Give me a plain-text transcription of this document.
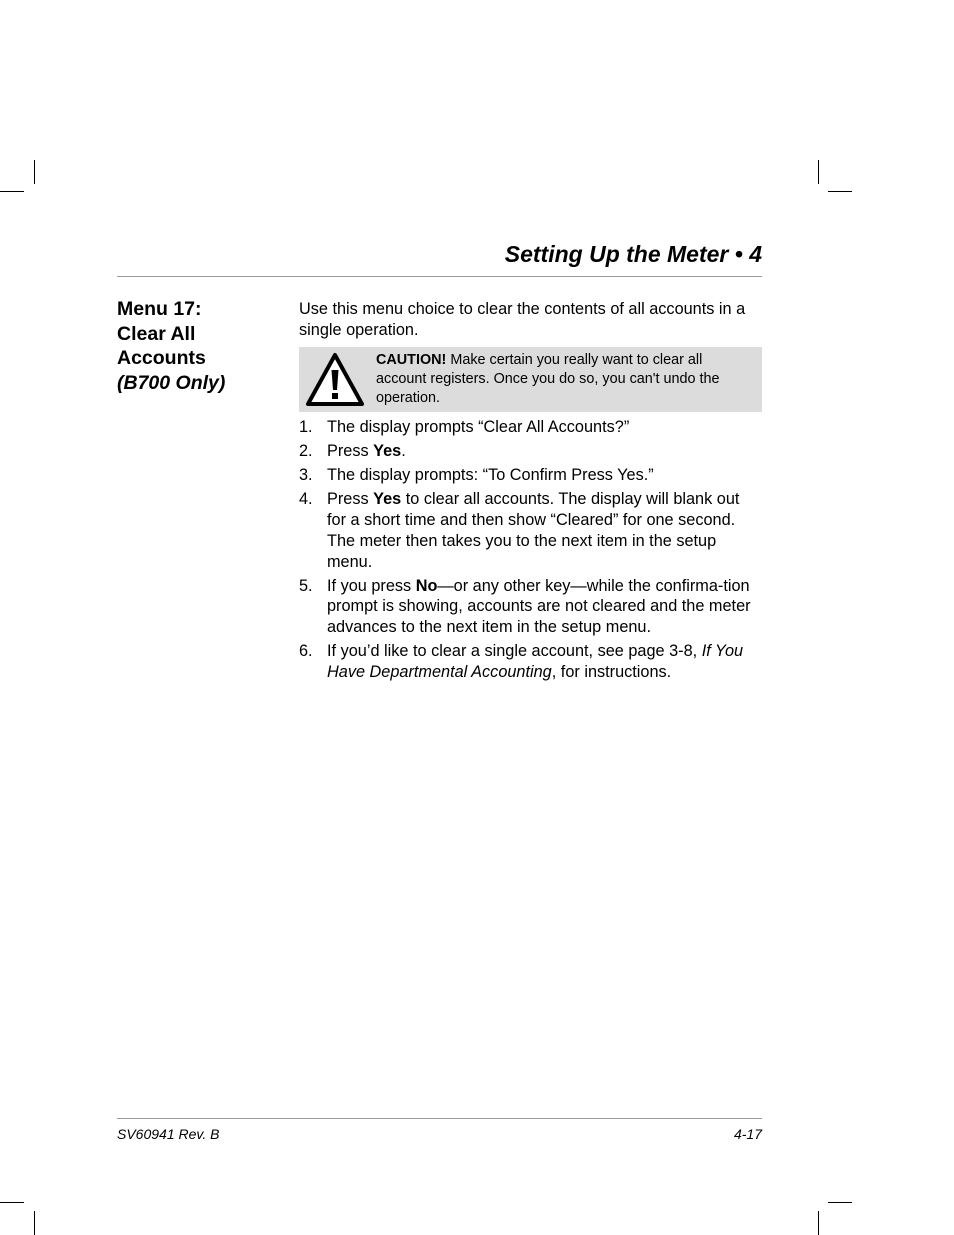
Setting Up the Meter • 4
Menu 17:
Clear All
Accounts
(B700 Only)

Use this menu choice to clear the contents of all accounts in a single operation.

CAUTION! Make certain you really want to clear all account registers. Once you do so, you can't undo the operation.
1. The display prompts “Clear All Accounts?”
2. Press Yes.
3. The display prompts: “To Confirm Press Yes.”
4. Press Yes to clear all accounts. The display will blank out for a short time and then show “Cleared” for one second. The meter then takes you to the next item in the setup menu.
5. If you press No—or any other key—while the confirma-tion prompt is showing, accounts are not cleared and the meter advances to the next item in the setup menu.
6. If you’d like to clear a single account, see page 3-8, If You Have Departmental Accounting, for instructions.
SV60941 Rev. B	4-17
